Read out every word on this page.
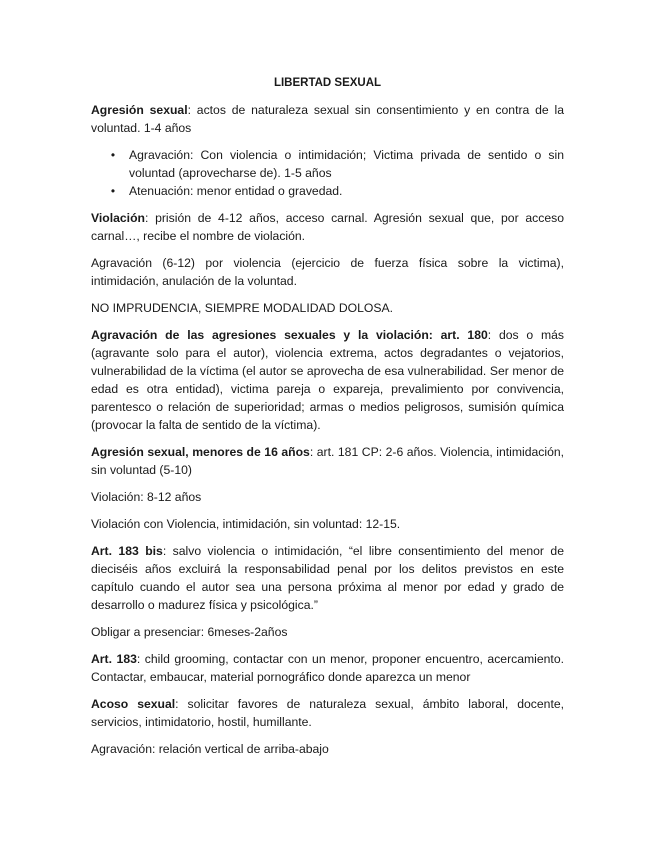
LIBERTAD SEXUAL

Agresión sexual: actos de naturaleza sexual sin consentimiento y en contra de la voluntad. 1-4 años

•	Agravación: Con violencia o intimidación; Victima privada de sentido o sin voluntad (aprovecharse de). 1-5 años
•	Atenuación: menor entidad o gravedad.

Violación: prisión de 4-12 años, acceso carnal. Agresión sexual que, por acceso carnal…, recibe el nombre de violación.

Agravación (6-12) por violencia (ejercicio de fuerza física sobre la victima), intimidación, anulación de la voluntad.

NO IMPRUDENCIA, SIEMPRE MODALIDAD DOLOSA.

Agravación de las agresiones sexuales y la violación: art. 180: dos o más (agravante solo para el autor), violencia extrema, actos degradantes o vejatorios, vulnerabilidad de la víctima (el autor se aprovecha de esa vulnerabilidad. Ser menor de edad es otra entidad), victima pareja o expareja, prevalimiento por convivencia, parentesco o relación de superioridad; armas o medios peligrosos, sumisión química (provocar la falta de sentido de la víctima).

Agresión sexual, menores de 16 años: art. 181 CP: 2-6 años. Violencia, intimidación, sin voluntad (5-10)

Violación: 8-12 años

Violación con Violencia, intimidación, sin voluntad: 12-15.

Art. 183 bis: salvo violencia o intimidación, “el libre consentimiento del menor de dieciséis años excluirá la responsabilidad penal por los delitos previstos en este capítulo cuando el autor sea una persona próxima al menor por edad y grado de desarrollo o madurez física y psicológica.”

Obligar a presenciar: 6meses-2años

Art. 183: child grooming, contactar con un menor, proponer encuentro, acercamiento. Contactar, embaucar, material pornográfico donde aparezca un menor

Acoso sexual: solicitar favores de naturaleza sexual, ámbito laboral, docente, servicios, intimidatorio, hostil, humillante.

Agravación: relación vertical de arriba-abajo
